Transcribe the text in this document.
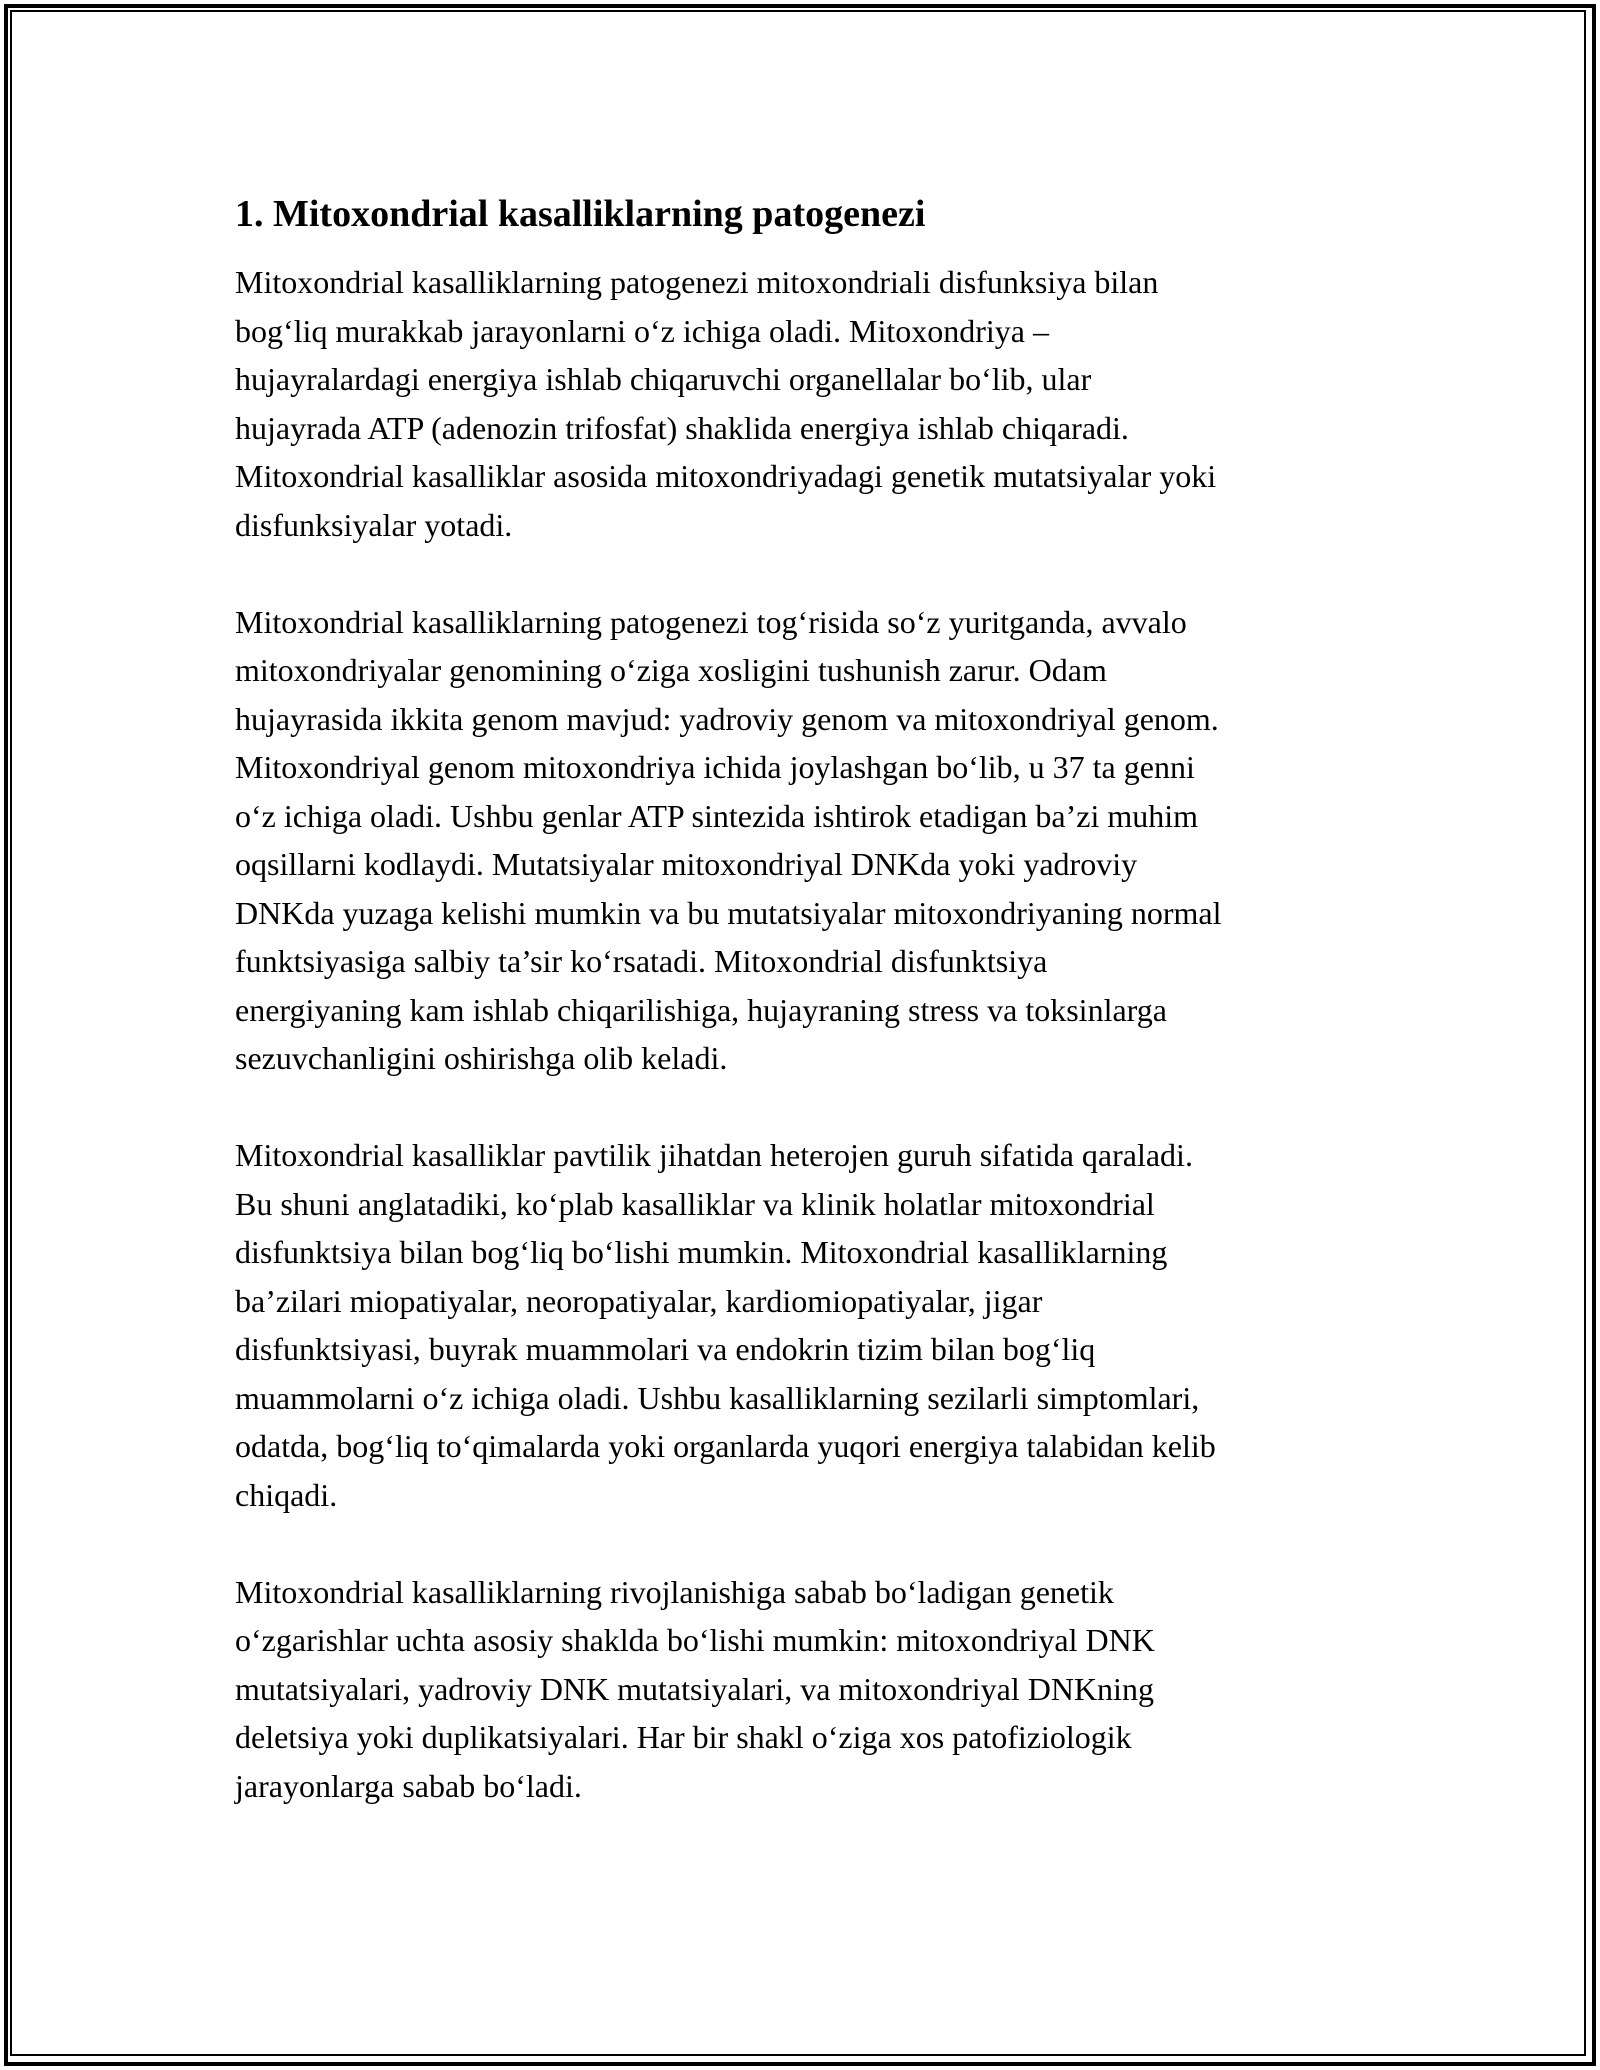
1. Mitoxondrial kasalliklarning patogenezi

Mitoxondrial kasalliklarning patogenezi mitoxondriali disfunksiya bilan
bog‘liq murakkab jarayonlarni o‘z ichiga oladi. Mitoxondriya –
hujayralardagi energiya ishlab chiqaruvchi organellalar bo‘lib, ular
hujayrada ATP (adenozin trifosfat) shaklida energiya ishlab chiqaradi.
Mitoxondrial kasalliklar asosida mitoxondriyadagi genetik mutatsiyalar yoki
disfunksiyalar yotadi.

Mitoxondrial kasalliklarning patogenezi tog‘risida so‘z yuritganda, avvalo
mitoxondriyalar genomining o‘ziga xosligini tushunish zarur. Odam
hujayrasida ikkita genom mavjud: yadroviy genom va mitoxondriyal genom.
Mitoxondriyal genom mitoxondriya ichida joylashgan bo‘lib, u 37 ta genni
o‘z ichiga oladi. Ushbu genlar ATP sintezida ishtirok etadigan ba’zi muhim
oqsillarni kodlaydi. Mutatsiyalar mitoxondriyal DNKda yoki yadroviy
DNKda yuzaga kelishi mumkin va bu mutatsiyalar mitoxondriyaning normal
funktsiyasiga salbiy ta’sir ko‘rsatadi. Mitoxondrial disfunktsiya
energiyaning kam ishlab chiqarilishiga, hujayraning stress va toksinlarga
sezuvchanligini oshirishga olib keladi.

Mitoxondrial kasalliklar pavtilik jihatdan heterojen guruh sifatida qaraladi.
Bu shuni anglatadiki, ko‘plab kasalliklar va klinik holatlar mitoxondrial
disfunktsiya bilan bog‘liq bo‘lishi mumkin. Mitoxondrial kasalliklarning
ba’zilari miopatiyalar, neoropatiyalar, kardiomiopatiyalar, jigar
disfunktsiyasi, buyrak muammolari va endokrin tizim bilan bog‘liq
muammolarni o‘z ichiga oladi. Ushbu kasalliklarning sezilarli simptomlari,
odatda, bog‘liq to‘qimalarda yoki organlarda yuqori energiya talabidan kelib
chiqadi.

Mitoxondrial kasalliklarning rivojlanishiga sabab bo‘ladigan genetik
o‘zgarishlar uchta asosiy shaklda bo‘lishi mumkin: mitoxondriyal DNK
mutatsiyalari, yadroviy DNK mutatsiyalari, va mitoxondriyal DNKning
deletsiya yoki duplikatsiyalari. Har bir shakl o‘ziga xos patofiziologik
jarayonlarga sabab bo‘ladi.
